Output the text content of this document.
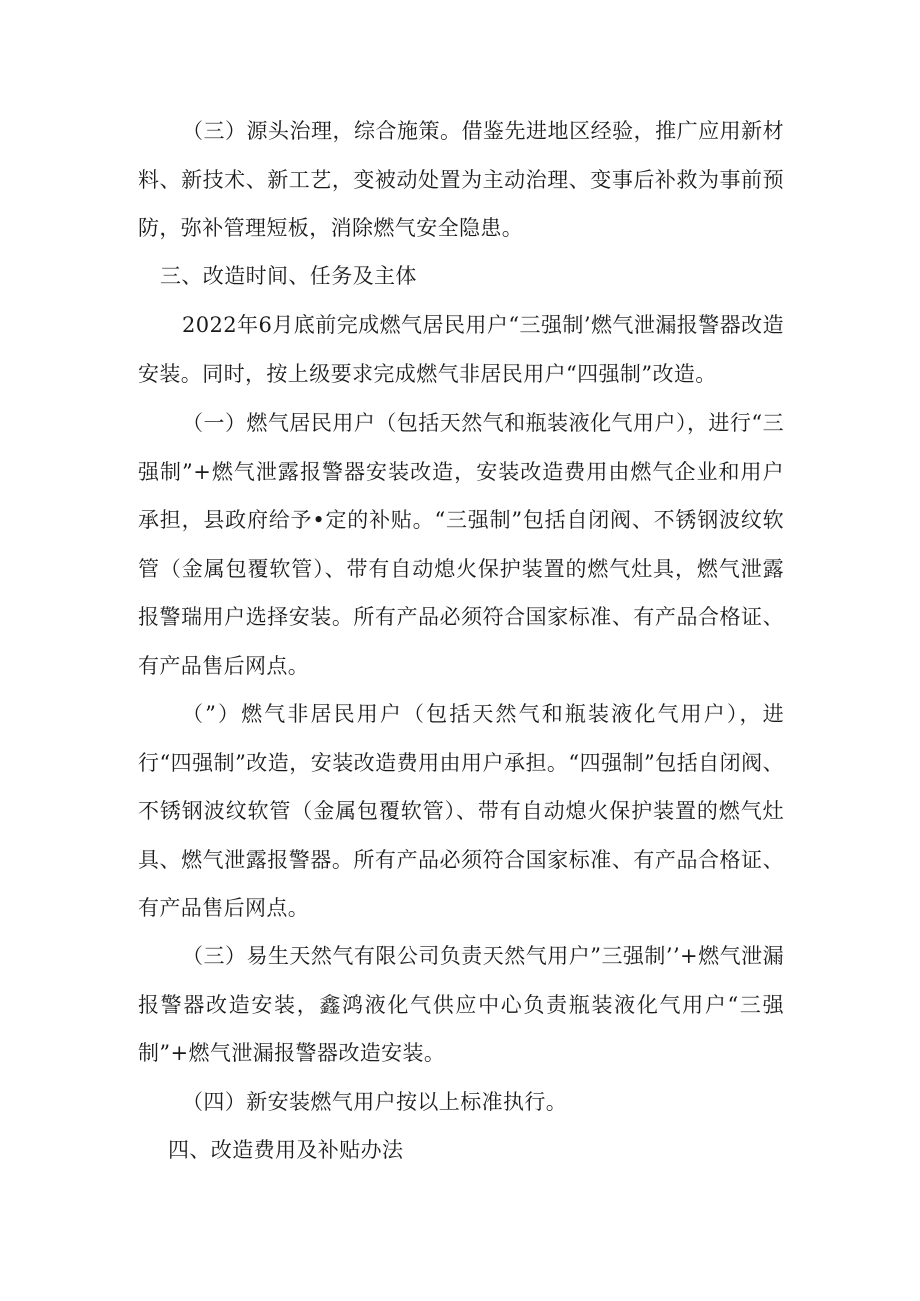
（三）源头治理，综合施策。借鉴先进地区经验，推广应用新材料、新技术、新工艺，变被动处置为主动治理、变事后补救为事前预防，弥补管理短板，消除燃气安全隐患。

三、改造时间、任务及主体

2022年6月底前完成燃气居民用户“三强制’燃气泄漏报警器改造安装。同时，按上级要求完成燃气非居民用户“四强制”改造。

（一）燃气居民用户（包括天然气和瓶装液化气用户），进行“三强制”+燃气泄露报警器安装改造，安装改造费用由燃气企业和用户承担，县政府给予•定的补贴。“三强制”包括自闭阀、不锈钢波纹软管（金属包覆软管）、带有自动熄火保护装置的燃气灶具，燃气泄露报警瑞用户选择安装。所有产品必须符合国家标准、有产品合格证、有产品售后网点。

（”）燃气非居民用户（包括天然气和瓶装液化气用户），进行“四强制”改造，安装改造费用由用户承担。“四强制”包括自闭阀、不锈钢波纹软管（金属包覆软管）、带有自动熄火保护装置的燃气灶具、燃气泄露报警器。所有产品必须符合国家标准、有产品合格证、有产品售后网点。

（三）易生天然气有限公司负责天然气用户”三强制’’+燃气泄漏报警器改造安装，鑫鸿液化气供应中心负责瓶装液化气用户“三强制”+燃气泄漏报警器改造安装。

（四）新安装燃气用户按以上标准执行。

四、改造费用及补贴办法
